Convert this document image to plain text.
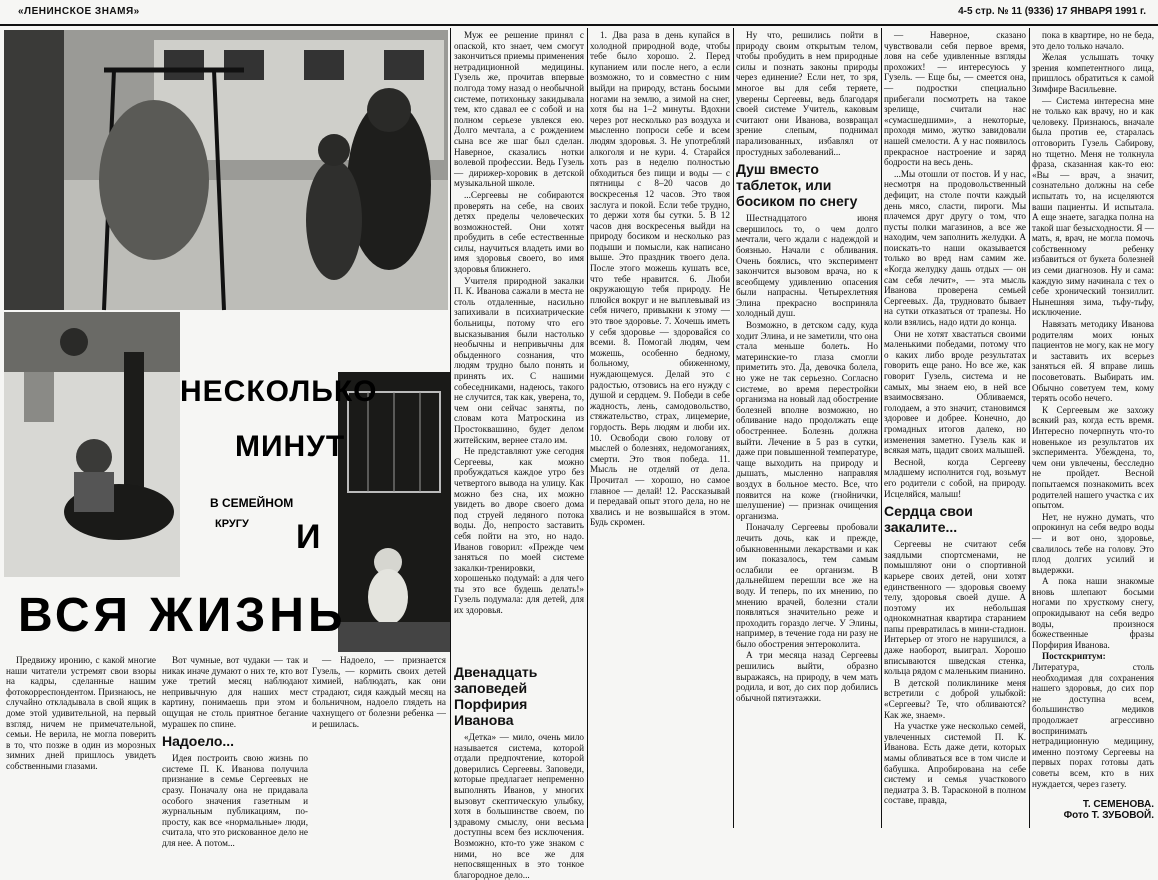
«ЛЕНИНСКОЕ ЗНАМЯ»	4-5 стр. № 11 (9336) 17 ЯНВАРЯ 1991 г.
НЕСКОЛЬКО
МИНУТ
В СЕМЕЙНОМ
КРУГУ И
ВСЯ ЖИЗНЬ

Предвижу иронию, с какой многие наши читатели устремят свои взоры на кадры, сделанные нашим фотокорреспондентом. Признаюсь, не случайно откладывала в свой ящик в доме этой удивительной, на первый взгляд, ничем не примечательной, семьи. Не верила, не могла поверить в то, что позже в один из морозных зимних дней пришлось увидеть собственными глазами.

Вот чумные, вот чудаки — так и никак иначе думают о них те, кто вот уже третий месяц наблюдают непривычную для наших мест картину, понимаешь при этом и ощущая не столь приятное бегание мурашек по спине.

Надоело...

Идея построить свою жизнь по системе П. К. Иванова получила признание в семье Сергеевых не сразу. Поначалу она не придавала особого значения газетным и журнальным публикациям, по-просту, как все «нормальные» люди, считала, что это рискованное дело не для нее. А потом...

— Надоело, — признается Гузель, — кормить своих детей химией, наблюдать, как они страдают, сидя каждый месяц на больничном, надоело глядеть на чахнущего от болезни ребенка — и решилась.

Муж ее решение принял с опаской, кто знает, чем смогут закончиться приемы применения нетрадиционной медицины. Гузель же, прочитав впервые полгода тому назад о необычной системе, потихоньку закидывала тем, кто сдавал ее с собой и на полном серьезе увлекся ею. Долго мечтала, а с рождением сына все же шаг был сделан. Наверное, сказались нотки волевой профессии. Ведь Гузель — дирижер-хоровик в детской музыкальной школе.

...Сергеевы не собираются проверять на себе, на своих детях пределы человеческих возможностей. Они хотят пробудить в себе естественные силы, научиться владеть ими во имя здоровья своего, во имя здоровья ближнего.

Учителя природной закалки П. К. Иванова сажали в места не столь отдаленные, насильно запихивали в психиатрические больницы, потому что его высказывания были настолько необычны и непривычны для обыденного сознания, что людям трудно было понять и принять их. С нашими собеседниками, надеюсь, такого не случится, так как, уверена, то, чем они сейчас заняты, по словам кота Матроскина из Простоквашино, будет делом житейским, вернее стало им.

Не представляют уже сегодня Сергеевы, как можно пробуждаться каждое утро без четвертого вывода на улицу. Как можно без сна, их можно увидеть во дворе своего дома под струей ледяного потока воды. До, непросто заставить себя пойти на это, но надо. Иванов говорил: «Прежде чем заняться по моей системе закалки-тренировки, хорошенько подумай: а для чего ты это все будешь делать!» Гузель подумала: для детей, для их здоровья.

Двенадцать заповедей Порфирия Иванова

«Детка» — мило, очень мило называется система, которой отдали предпочтение, которой доверились Сергеевы. Заповеди, которые предлагает непременно выполнять Иванов, у многих вызовут скептическую улыбку, хотя в большинстве своем, по здравому смыслу, они весьма доступны всем без исключения. Возможно, кто-то уже знаком с ними, но все же для непосвященных в это тонкое благородное дело...

1. Два раза в день купайся в холодной природной воде, чтобы тебе было хорошо. 2. Перед купанием или после него, а если возможно, то и совместно с ним выйди на природу, встань босыми ногами на землю, а зимой на снег, хотя бы на 1–2 минуты. Вдохни через рот несколько раз воздуха и мысленно попроси себе и всем людям здоровья. 3. Не употребляй алкоголя и не кури. 4. Старайся хоть раз в неделю полностью обходиться без пищи и воды — с пятницы с 8–20 часов до воскресенья 12 часов. Это твоя заслуга и покой. Если тебе трудно, то держи хотя бы сутки. 5. В 12 часов дня воскресенья выйди на природу босиком и несколько раз подыши и помысли, как написано выше. Это праздник твоего дела. После этого можешь кушать все, что тебе нравится. 6. Люби окружающую тебя природу. Не плюйся вокруг и не выплевывай из себя ничего, привыкни к этому — это твое здоровье. 7. Хочешь иметь у себя здоровье — здоровайся со всеми. 8. Помогай людям, чем можешь, особенно бедному, больному, обиженному, нуждающемуся. Делай это с радостью, отзовись на его нужду с душой и сердцем. 9. Победи в себе жадность, лень, самодовольство, стяжательство, страх, лицемерие, гордость. Верь людям и люби их. 10. Освободи свою голову от мыслей о болезнях, недомоганиях, смерти. Это твоя победа. 11. Мысль не отделяй от дела. Прочитал — хорошо, но самое главное — делай! 12. Рассказывай и передавай опыт этого дела, но не хвались и не возвышайся в этом. Будь скромен.

Ну что, решились пойти в природу своим открытым телом, чтобы пробудить в нем природные силы и познать законы природы через единение? Если нет, то зря, многое вы для себя теряете, уверены Сергеевы, ведь благодаря своей системе Учитель, каковым считают они Иванова, возвращал зрение слепым, поднимал парализованных, избавлял от простудных заболеваний...

Душ вместо таблеток, или босиком по снегу

Шестнадцатого июня свершилось то, о чем долго мечтали, чего ждали с надеждой и боязнью. Начали с обливания. Очень боялись, что эксперимент закончится вызовом врача, но к всеобщему удивлению опасения были напрасны. Четырехлетняя Элина прекрасно восприняла холодный душ.

Возможно, в детском саду, куда ходит Элина, и не заметили, что она стала меньше болеть. Но материнские-то глаза смогли приметить это. Да, девочка болела, но уже не так серьезно. Согласно системе, во время перестройки организма на новый лад обострение болезней вполне возможно, но обливание надо продолжать еще обостреннее. Болезнь должна выйти. Лечение в 5 раз в сутки, даже при повышенной температуре, чаще выходить на природу и дышать, мысленно направляя воздух в больное место. Все, что появится на коже (гнойнички, шелушение) — признак очищения организма.

Поначалу Сергеевы пробовали лечить дочь, как и прежде, обыкновенными лекарствами и как им показалось, тем самым ослабили ее организм. В дальнейшем перешли все же на воду. И теперь, по их мнению, по мнению врачей, болезни стали появляться значительно реже и проходить гораздо легче. У Элины, например, в течение года ни разу не было обострения энтероколита.

А три месяца назад Сергеевы решились выйти, образно выражаясь, на природу, в чем мать родила, и вот, до сих пор добились обычной пятиэтажки.

— Наверное, сказано чувствовали себя первое время, ловя на себе удивленные взгляды прохожих! — интересуюсь у Гузель. — Еще бы, — смеется она, — подростки специально прибегали посмотреть на такое зрелище, считали нас «сумасшедшими», а некоторые, проходя мимо, жутко завидовали нашей смелости. А у нас появилось прекрасное настроение и заряд бодрости на весь день.

...Мы отошли от постов. И у нас, несмотря на продовольственный дефицит, на столе почти каждый день мясо, сласти, пироги. Мы плачемся друг другу о том, что пусты полки магазинов, а все же находим, чем заполнить желудки. А поискать-то наши оказывается только во вред нам самим же. «Когда желудку дашь отдых — он сам себя лечит», — эта мысль Иванова проверена семьей Сергеевых. Да, трудновато бывает на сутки отказаться от трапезы. Но коли взялись, надо идти до конца.

Они не хотят хвастаться своими маленькими победами, потому что о каких либо вроде результатах говорить еще рано. Но все же, как говорит Гузель, система и не самых, мы знаем ею, в ней все взаимосвязано. Обливаемся, голодаем, а это значит, становимся здоровее и добрее. Конечно, до громадных итогов далеко, но изменения заметно. Гузель как и всякая мать, щадит своих малышей.

Весной, когда Сергееву младшему исполнится год, возьмут его родители с собой, на природу. Исцеляйся, малыш!

Сердца свои закалите...

Сергеевы не считают себя заядлыми спортсменами, не помышляют они о спортивной карьере своих детей, они хотят единственного — здоровья своему телу, здоровья своей душе. А поэтому их небольшая однокомнатная квартира старанием папы превратилась в мини-стадион. Интерьер от этого не нарушился, а даже наоборот, выиграл. Хорошо вписываются шведская стенка, кольца рядом с маленьким пианино.

В детской поликлинике меня встретили с доброй улыбкой: «Сергеевы? Те, что обливаются? Как же, знаем».

На участке уже несколько семей, увлеченных системой П. К. Иванова. Есть даже дети, которых мамы обливаться все в том числе и бабушка. Апробирована на себе систему и семья участкового педиатра З. В. Тарасконой в полном составе, правда,

пока в квартире, но не беда, это дело только начало.

Желая услышать точку зрения компетентного лица, пришлось обратиться к самой Зимфире Васильевне.

— Система интересна мне не только как врачу, но и как человеку. Признаюсь, вначале была против ее, старалась отговорить Гузель Сабирову, но тщетно. Меня не толкнула фраза, сказанная как-то ею: «Вы — врач, а значит, сознательно должны на себе испытать то, на исцеляются ваши пациенты. И испытала. А еще знаете, загадка полна на такой шаг безысходности. Я — мать, я, врач, не могла помочь собственному ребенку избавиться от букета болезней из семи диагнозов. Ну и сама: каждую зиму начинала с тех о себе хронический тонзиллит. Нынешняя зима, тьфу-тьфу, исключение.

Навязать методику Иванова родителям моих юных пациентов не могу, как не могу и заставить их всерьез заняться ей. Я вправе лишь посоветовать. Выбирать им. Обычно советуем тем, кому терять особо нечего.

К Сергеевым же захожу всякий раз, когда есть время. Интересно почерпнуть что-то новенькое из результатов их эксперимента. Убеждена, то, чем они увлечены, бесследно не пройдет. Весной попытаемся познакомить всех родителей нашего участка с их опытом.

Нет, не нужно думать, что опрокинул на себя ведро воды — и вот оно, здоровье, свалилось тебе на голову. Это плод долгих усилий и выдержки.

А пока наши знакомые вновь шлепают босыми ногами по хрусткому снегу, опрокидывают на себя ведро воды, произнося божественные фразы Порфирия Иванова.

Постскриптум: Литература, столь необходимая для сохранения нашего здоровья, до сих пор не доступна всем, большинство медиков продолжает агрессивно воспринимать нетрадиционную медицину, именно поэтому Сергеевы на первых порах готовы дать советы всем, кто в них нуждается, через газету.

Т. СЕМЕНОВА.
Фото Т. ЗУБОВОЙ.
